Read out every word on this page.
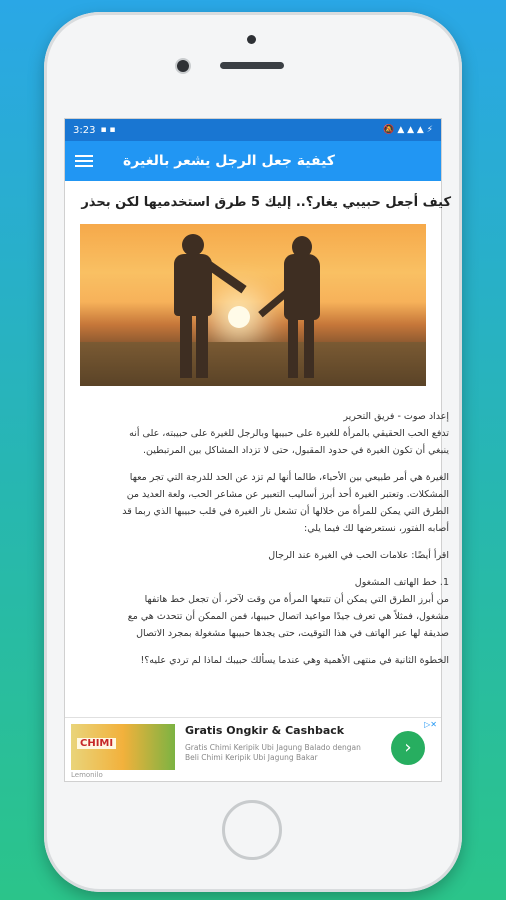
3:23 ▪ ▪	🔕 ▲ ▲ ▲ ⚡
كيفية جعل الرجل يشعر بالغيرة
كيف أجعل حبيبي يغار؟.. إليك 5 طرق استخدميها لكن بحذر

إعداد صوت - فريق التحرير

تدفع الحب الحقيقي بالمرأة للغيرة على حبيبها وبالرجل للغيرة على حبيبته، على أنه

ينبغي أن تكون الغيرة في حدود المقبول، حتى لا تزداد المشاكل بين المرتبطين.

الغيرة هي أمر طبيعي بين الأحباء، طالما أنها لم تزد عن الحد للدرجة التي تجر معها

المشكلات. وتعتبر الغيرة أحد أبرز أساليب التعبير عن مشاعر الحب، ولعة العديد من

الطرق التي يمكن للمرأة من خلالها أن تشعل نار الغيرة في قلب حبيبها الذي ربما قد

أصابه الفتور، نستعرضها لك فيما يلي:

اقرأ أيضًا: علامات الحب في الغيرة عند الرجال

1. خط الهاتف المشغول

من أبرز الطرق التي يمكن أن تتبعها المرأة من وقت لآخر، أن تجعل خط هاتفها

مشغول، فمثلاً هي تعرف جيدًا مواعيد اتصال حبيبها، فمن الممكن أن تتحدث هي مع

صديقة لها عبر الهاتف في هذا التوقيت، حتى يجدها حبيبها مشغولة بمجرد الاتصال

الخطوة الثانية في منتهى الأهمية وهي عندما يسألك حبيبك لماذا لم تردي عليه؟!

CHIMI
Gratis Ongkir & Cashback
Gratis Chimi Keripik Ubi Jagung Balado dengan Beli Chimi Keripik Ubi Jagung Bakar	›
▷✕
Lemonilo
